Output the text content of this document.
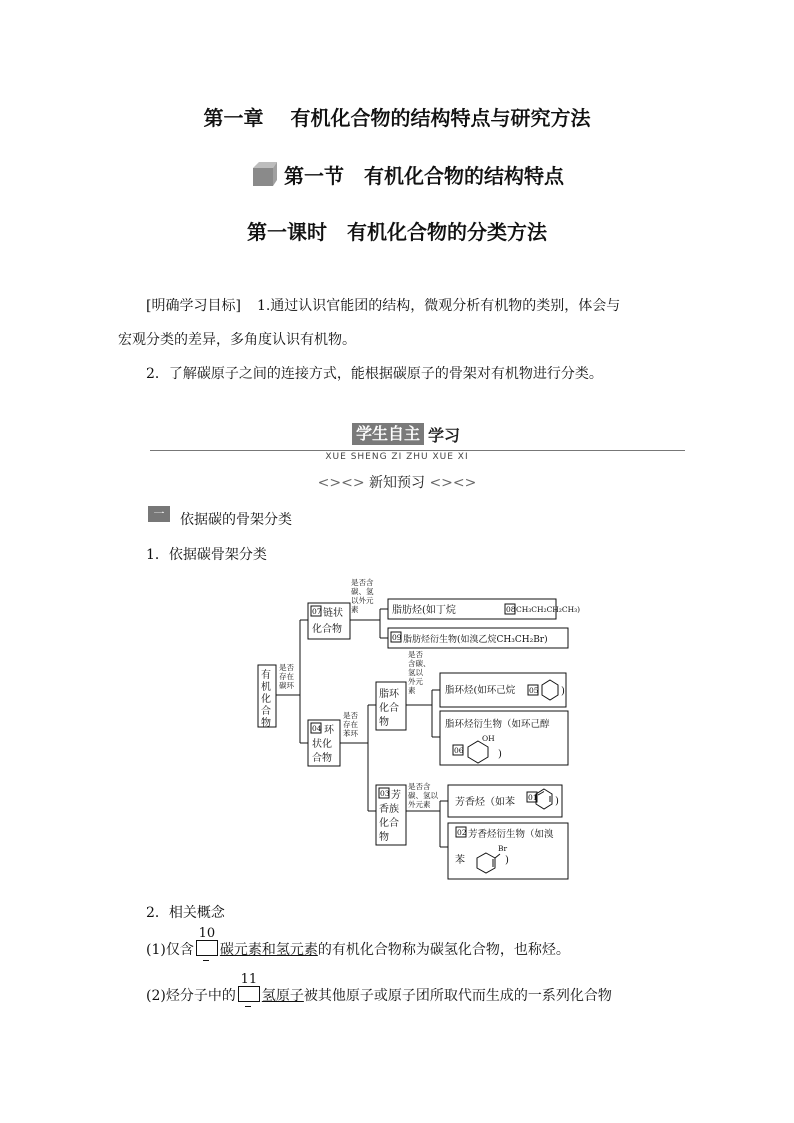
第一章　 有机化合物的结构特点与研究方法
第一节　有机化合物的结构特点
第一课时　有机化合物的分类方法
[明确学习目标] 1.通过认识官能团的结构，微观分析有机物的类别，体会与
宏观分类的差异，多角度认识有机物。
2．了解碳原子之间的连接方式，能根据碳原子的骨架对有机物进行分类。
学生自主 学习
XUE SHENG ZI ZHU XUE XI
<><> 新知预习 <><>
一	依据碳的骨架分类
1．依据碳骨架分类
有
机
化
合
物
是否
存在
碳环
07 链状
化合物
是否含
碳、氢
以外元
素	脂肪烃(如丁烷	08 CH₃CH₂CH₂CH₃)
09 脂肪烃衍生物(如溴乙烷CH₃CH₂Br)
04 环
状化
合物
是否
存在
苯环
脂环
化合
物
是否
含碳、
氢以
外元
素	脂环烃(如环己烷 05 )
脂环烃衍生物（如环己醇
06
OH
)
03 芳
香族
化合
物
是否含
碳、氢以
外元素 芳香烃（如苯 01 )
02 芳香烃衍生物（如溴
苯
Br
)
2．相关概念
(1)仅含
10
碳元素和氢元素的有机化合物称为碳氢化合物，也称烃。
(2)烃分子中的
11
氢原子被其他原子或原子团所取代而生成的一系列化合物
